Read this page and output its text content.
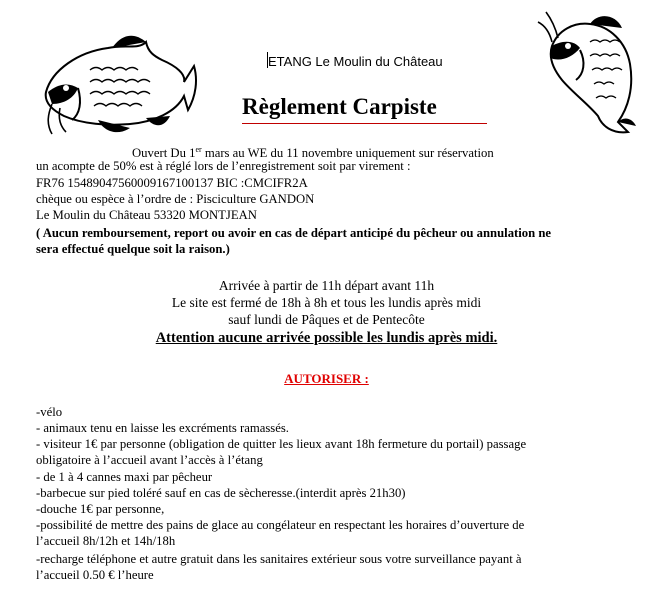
ETANG Le Moulin du Château
Règlement Carpiste
Ouvert Du 1er mars au WE du 11 novembre uniquement sur réservation
un acompte de 50% est à réglé lors de l’enregistrement soit par virement :
FR76 1548904756000916710013​7 BIC :CMCIFR2A
chèque ou espèce à l’ordre de : Pisciculture GANDON
Le Moulin du Château 53320 MONTJEAN
( Aucun remboursement, report ou avoir en cas de départ anticipé du pêcheur ou annulation ne
sera effectué quelque soit la raison.)
Arrivée à partir de 11h départ avant 11h
Le site est fermé de 18h à 8h et tous les lundis après midi
sauf lundi de Pâques et de Pentecôte
Attention aucune arrivée possible les lundis après midi.
AUTORISER :
-vélo
- animaux tenu en laisse les excréments ramassés.
- visiteur 1€ par personne (obligation de quitter les lieux avant 18h fermeture du portail) passage
obligatoire à l’accueil avant l’accès à l’étang
- de 1 à 4 cannes maxi par pêcheur
-barbecue sur pied toléré sauf en cas de sècheresse.(interdit après 21h30)
-douche 1€ par personne,
-possibilité de mettre des pains de glace au congélateur en respectant les horaires d’ouverture de
l’accueil 8h/12h et 14h/18h
-recharge téléphone et autre gratuit dans les sanitaires extérieur sous votre surveillance payant à
l’accueil 0.50 € l’heure
